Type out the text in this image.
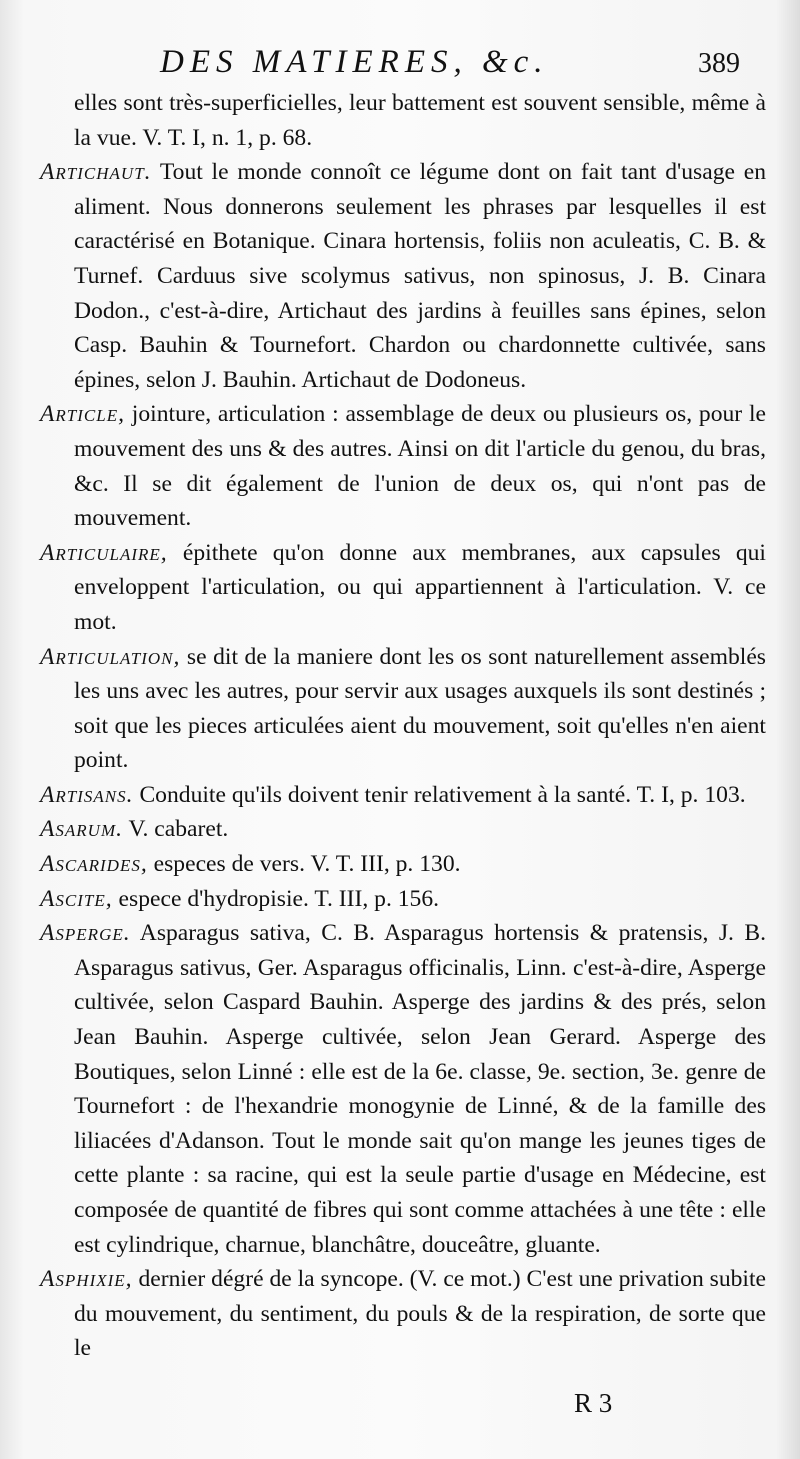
DES MATIERES, &c.	389

elles sont très-superficielles, leur battement est souvent sensible, même à la vue. V. T. I, n. 1, p. 68.

Artichaut. Tout le monde connoît ce légume dont on fait tant d'usage en aliment. Nous donnerons seulement les phrases par lesquelles il est caractérisé en Botanique. Cinara hortensis, foliis non aculeatis, C. B. & Turnef. Carduus sive scolymus sativus, non spinosus, J. B. Cinara Dodon., c'est-à-dire, Artichaut des jardins à feuilles sans épines, selon Casp. Bauhin & Tournefort. Chardon ou chardonnette cultivée, sans épines, selon J. Bauhin. Artichaut de Dodoneus.

Article, jointure, articulation : assemblage de deux ou plusieurs os, pour le mouvement des uns & des autres. Ainsi on dit l'article du genou, du bras, &c. Il se dit également de l'union de deux os, qui n'ont pas de mouvement.

Articulaire, épithete qu'on donne aux membranes, aux capsules qui enveloppent l'articulation, ou qui appartiennent à l'articulation. V. ce mot.

Articulation, se dit de la maniere dont les os sont naturellement assemblés les uns avec les autres, pour servir aux usages auxquels ils sont destinés ; soit que les pieces articulées aient du mouvement, soit qu'elles n'en aient point.

Artisans. Conduite qu'ils doivent tenir relativement à la santé. T. I, p. 103.

Asarum. V. cabaret.

Ascarides, especes de vers. V. T. III, p. 130.

Ascite, espece d'hydropisie. T. III, p. 156.

Asperge. Asparagus sativa, C. B. Asparagus hortensis & pratensis, J. B. Asparagus sativus, Ger. Asparagus officinalis, Linn. c'est-à-dire, Asperge cultivée, selon Caspard Bauhin. Asperge des jardins & des prés, selon Jean Bauhin. Asperge cultivée, selon Jean Gerard. Asperge des Boutiques, selon Linné : elle est de la 6e. classe, 9e. section, 3e. genre de Tournefort : de l'hexandrie monogynie de Linné, & de la famille des liliacées d'Adanson. Tout le monde sait qu'on mange les jeunes tiges de cette plante : sa racine, qui est la seule partie d'usage en Médecine, est composée de quantité de fibres qui sont comme attachées à une tête : elle est cylindrique, charnue, blanchâtre, douceâtre, gluante.

Asphixie, dernier dégré de la syncope. (V. ce mot.) C'est une privation subite du mouvement, du sentiment, du pouls & de la respiration, de sorte que le

R 3
